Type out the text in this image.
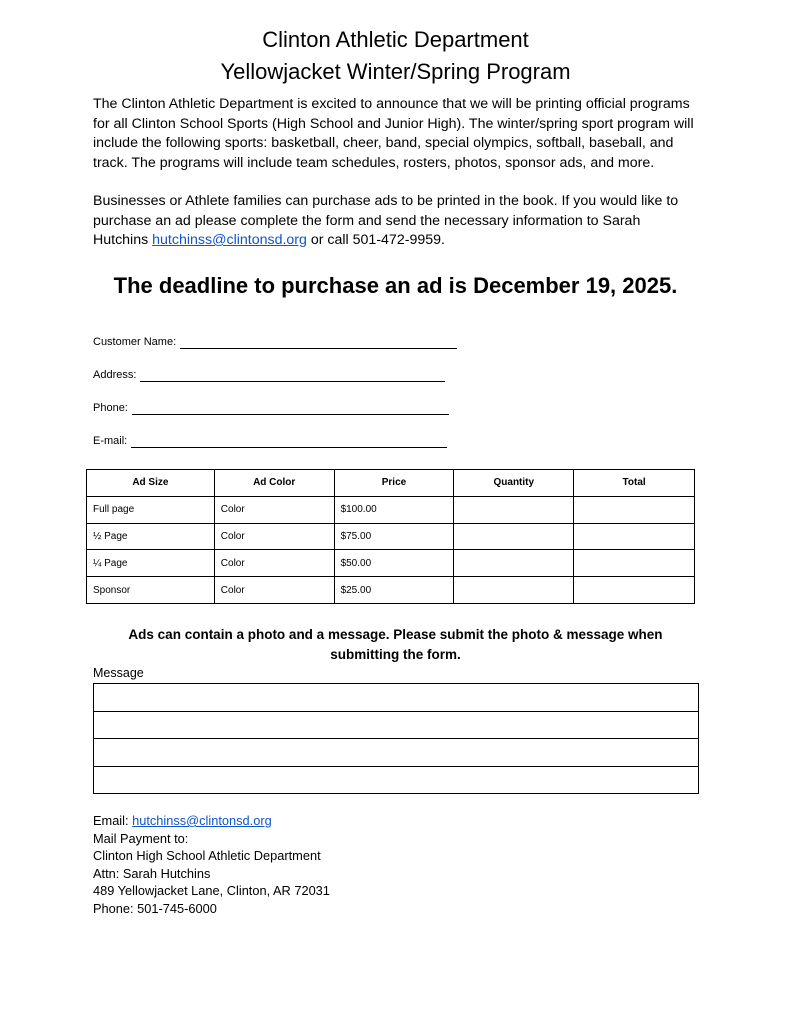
Clinton Athletic Department
Yellowjacket Winter/Spring Program
The Clinton Athletic Department is excited to announce that we will be printing official programs
for all Clinton School Sports (High School and Junior High). The winter/spring sport program will
include the following sports: basketball, cheer, band, special olympics, softball, baseball, and
track. The programs will include team schedules, rosters, photos, sponsor ads, and more.
Businesses or Athlete families can purchase ads to be printed in the book. If you would like to
purchase an ad please complete the form and send the necessary information to Sarah
Hutchins hutchinss@clintonsd.org or call 501-472-9959.
The deadline to purchase an ad is December 19, 2025.
Customer Name:
Address:
Phone:
E-mail:
Ad Size	Ad Color	Price	Quantity	Total
Full page	Color	$100.00		
½ Page	Color	$75.00		
¼ Page	Color	$50.00		
Sponsor	Color	$25.00		
Ads can contain a photo and a message. Please submit the photo & message when
submitting the form.
Message

Email: hutchinss@clintonsd.org
Mail Payment to:
Clinton High School Athletic Department
Attn: Sarah Hutchins
489 Yellowjacket Lane, Clinton, AR 72031
Phone: 501-745-6000
